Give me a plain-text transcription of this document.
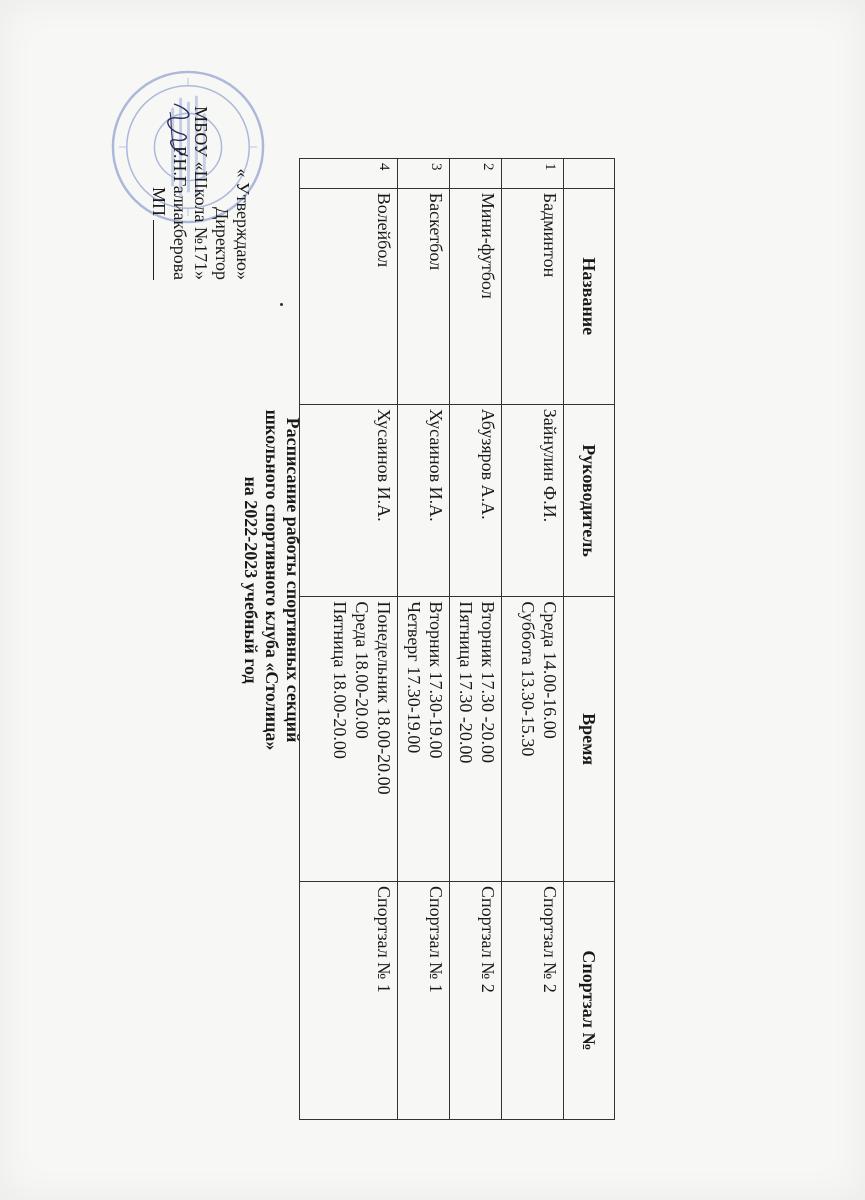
« Утверждаю»
Директор
МБОУ «Школа №171»
Р.Н.Галиакберова
МП
Расписание работы спортивных секций
школьного спортивного клуба «Столица»
на 2022-2023 учебный год
	Название	Руководитель	Время	Спортзал №
1	Бадминтон	Зайнулин Ф.И.	Среда 14.00-16.00
Суббота 13.30-15.30	Спортзал № 2
2	Мини-футбол	Абузяров А.А.	Вторник 17.30 -20.00
Пятница 17.30 -20.00	Спортзал № 2
3	Баскетбол	Хусаинов И.А.	Вторник 17.30-19.00
Четверг 17.30-19.00	Спортзал № 1
4	Волейбол	Хусаинов И.А.	Понедельник 18.00-20.00
Среда 18.00-20.00
Пятница 18.00-20.00	Спортзал № 1
